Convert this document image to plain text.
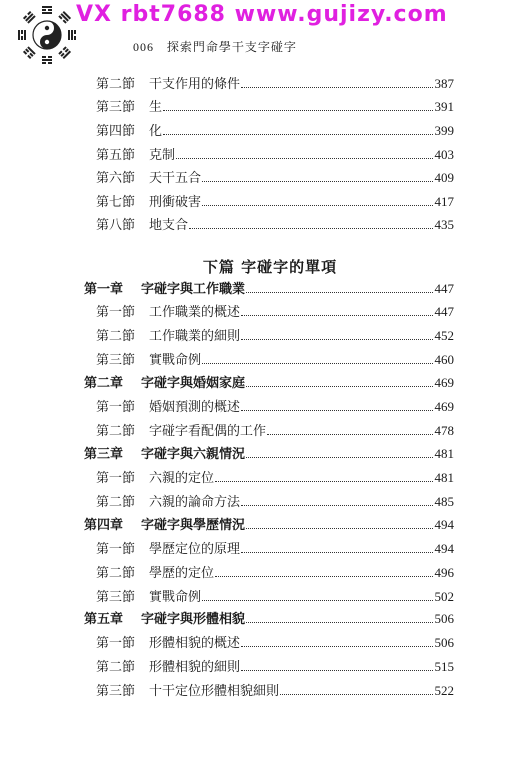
VX rbt7688 www.gujizy.com
006 探索門命學干支字碰字
下篇 字碰字的單項
第二節 干支作用的條件	387
第三節 生	391
第四節 化	399
第五節 克制	403
第六節 天干五合	409
第七節 刑衝破害	417
第八節 地支合	435
第一章 字碰字與工作職業	447
第一節 工作職業的概述	447
第二節 工作職業的細則	452
第三節 實戰命例	460
第二章 字碰字與婚姻家庭	469
第一節 婚姻預測的概述	469
第二節 字碰字看配偶的工作	478
第三章 字碰字與六親情況	481
第一節 六親的定位	481
第二節 六親的論命方法	485
第四章 字碰字與學歷情況	494
第一節 學歷定位的原理	494
第二節 學歷的定位	496
第三節 實戰命例	502
第五章 字碰字與形體相貌	506
第一節 形體相貌的概述	506
第二節 形體相貌的細則	515
第三節 十干定位形體相貌細則	522
